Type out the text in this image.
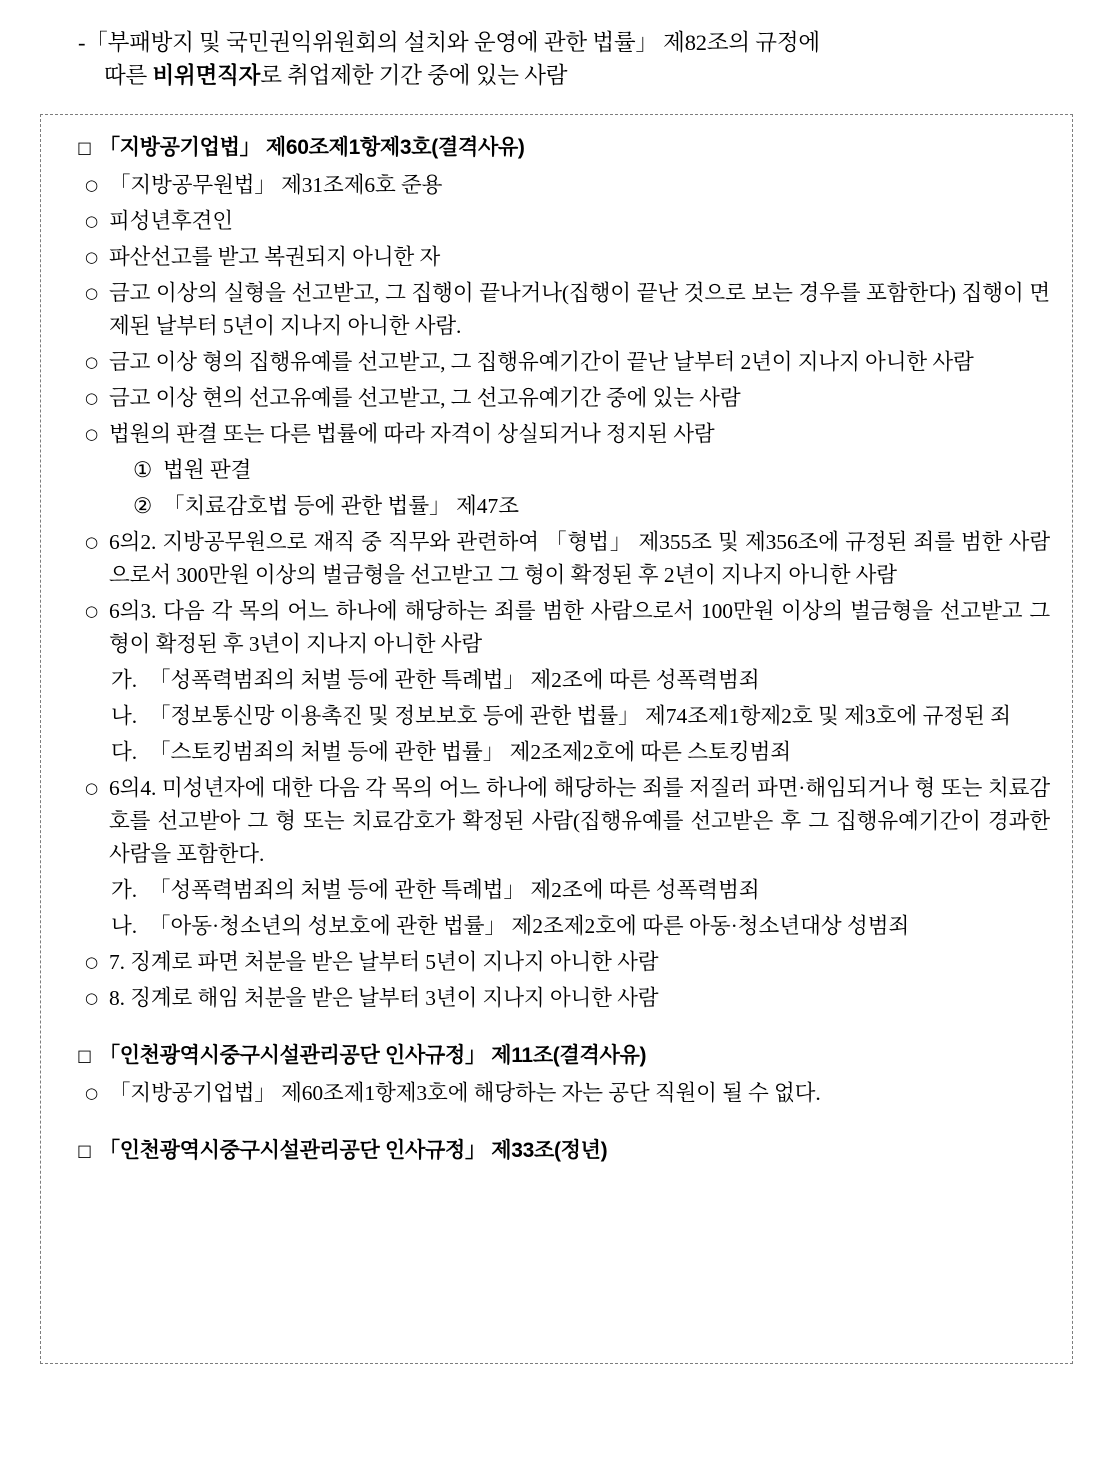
-「부패방지 및 국민권익위원회의 설치와 운영에 관한 법률」 제82조의 규정에
따른 비위면직자로 취업제한 기간 중에 있는 사람
□ 「지방공기업법」 제60조제1항제3호(결격사유)
○ 「지방공무원법」 제31조제6호 준용
○ 피성년후견인
○ 파산선고를 받고 복권되지 아니한 자
○ 금고 이상의 실형을 선고받고, 그 집행이 끝나거나(집행이 끝난 것으로 보는 경우를 포함한다) 집행이 면제된 날부터 5년이 지나지 아니한 사람.
○ 금고 이상 형의 집행유예를 선고받고, 그 집행유예기간이 끝난 날부터 2년이 지나지 아니한 사람
○ 금고 이상 현의 선고유예를 선고받고, 그 선고유예기간 중에 있는 사람
○ 법원의 판결 또는 다른 법률에 따라 자격이 상실되거나 정지된 사람
① 법원 판결
② 「치료감호법 등에 관한 법률」 제47조
○ 6의2. 지방공무원으로 재직 중 직무와 관련하여 「형법」 제355조 및 제356조에 규정된 죄를 범한 사람으로서 300만원 이상의 벌금형을 선고받고 그 형이 확정된 후 2년이 지나지 아니한 사람
○ 6의3. 다음 각 목의 어느 하나에 해당하는 죄를 범한 사람으로서 100만원 이상의 벌금형을 선고받고 그 형이 확정된 후 3년이 지나지 아니한 사람
가. 「성폭력범죄의 처벌 등에 관한 특례법」 제2조에 따른 성폭력범죄
나. 「정보통신망 이용촉진 및 정보보호 등에 관한 법률」 제74조제1항제2호 및 제3호에 규정된 죄
다. 「스토킹범죄의 처벌 등에 관한 법률」 제2조제2호에 따른 스토킹범죄
○ 6의4. 미성년자에 대한 다음 각 목의 어느 하나에 해당하는 죄를 저질러 파면·해임되거나 형 또는 치료감호를 선고받아 그 형 또는 치료감호가 확정된 사람(집행유예를 선고받은 후 그 집행유예기간이 경과한 사람을 포함한다.
가. 「성폭력범죄의 처벌 등에 관한 특례법」 제2조에 따른 성폭력범죄
나. 「아동·청소년의 성보호에 관한 법률」 제2조제2호에 따른 아동·청소년대상 성범죄
○ 7. 징계로 파면 처분을 받은 날부터 5년이 지나지 아니한 사람
○ 8. 징계로 해임 처분을 받은 날부터 3년이 지나지 아니한 사람
□ 「인천광역시중구시설관리공단 인사규정」 제11조(결격사유)
○ 「지방공기업법」 제60조제1항제3호에 해당하는 자는 공단 직원이 될 수 없다.
□ 「인천광역시중구시설관리공단 인사규정」 제33조(정년)
